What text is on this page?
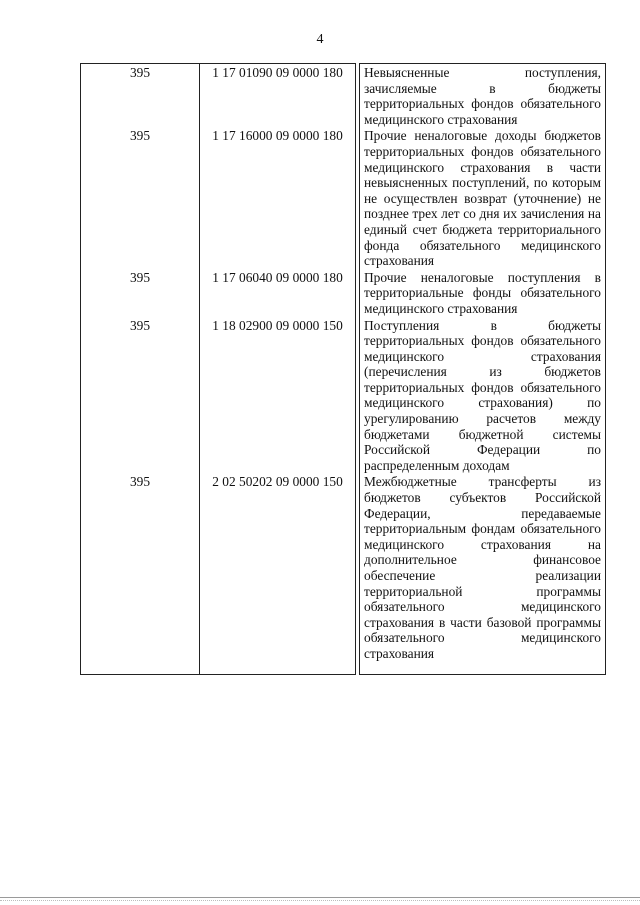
4
395	1 17 01090 09 0000 180		Невыясненные поступления, зачисляемые в бюджеты территориальных фондов обязательного медицинского страхования
395	1 17 16000 09 0000 180		Прочие неналоговые доходы бюджетов территориальных фондов обязательного медицинского страхования в части невыясненных поступлений, по которым не осуществлен возврат (уточнение) не позднее трех лет со дня их зачисления на единый счет бюджета территориального фонда обязательного медицинского страхования
395	1 17 06040 09 0000 180		Прочие неналоговые поступления в территориальные фонды обязательного медицинского страхования
395	1 18 02900 09 0000 150		Поступления в бюджеты территориальных фондов обязательного медицинского страхования (перечисления из бюджетов территориальных фондов обязательного медицинского страхования) по урегулированию расчетов между бюджетами бюджетной системы Российской Федерации по распределенным доходам
395	2 02 50202 09 0000 150		Межбюджетные трансферты из бюджетов субъектов Российской Федерации, передаваемые территориальным фондам обязательного медицинского страхования на дополнительное финансовое обеспечение реализации территориальной программы обязательного медицинского страхования в части базовой программы обязательного медицинского страхования
